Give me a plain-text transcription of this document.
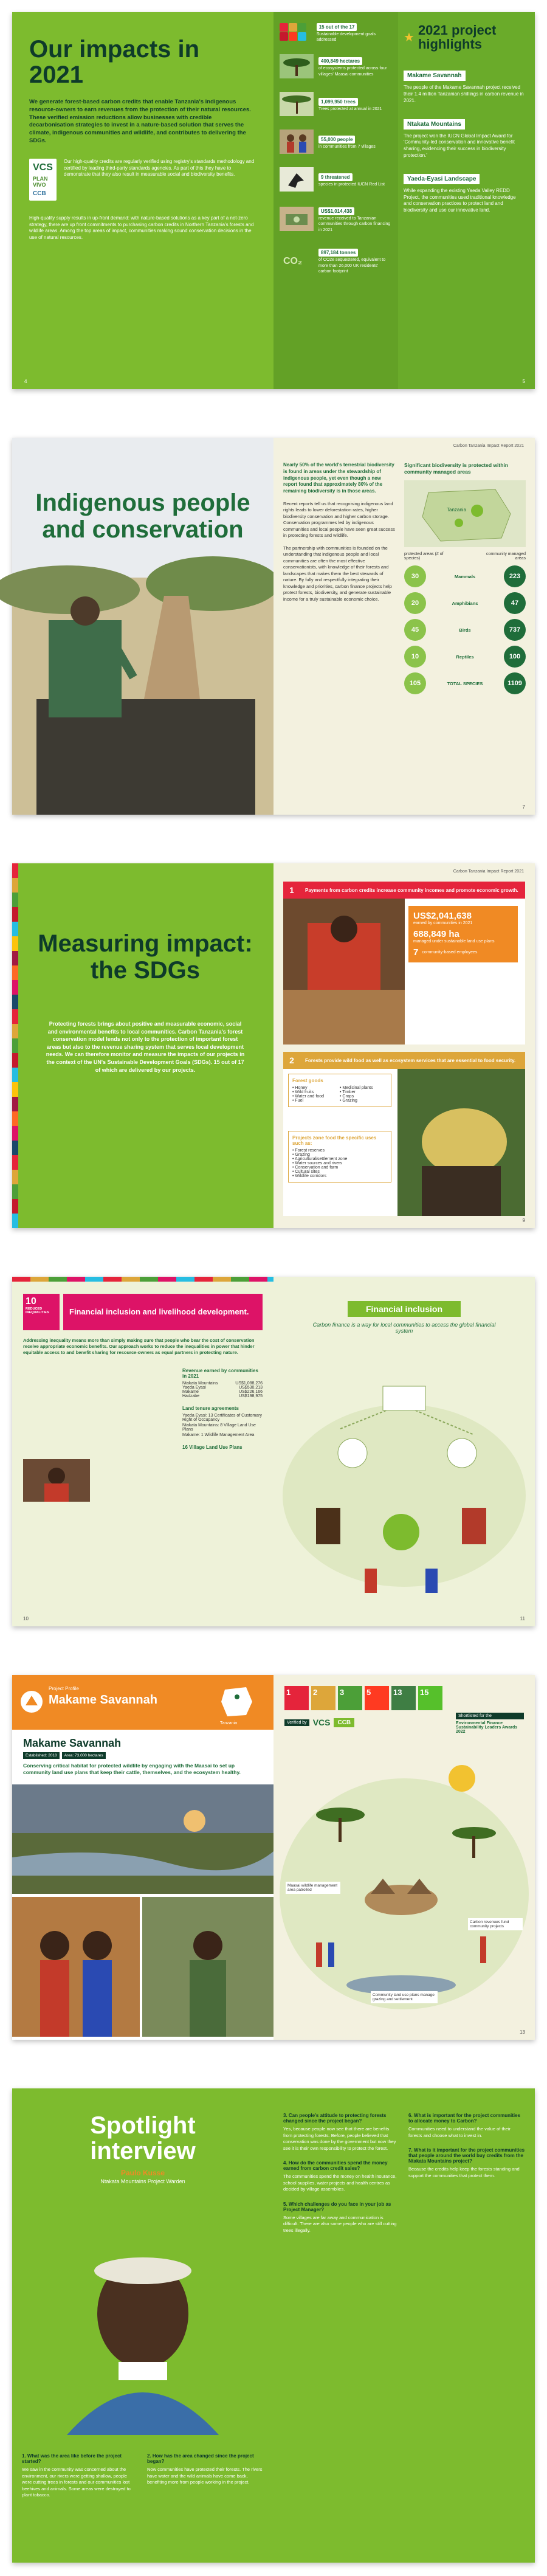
Our impacts in 2021
We generate forest-based carbon credits that enable Tanzania's indigenous resource-owners to earn revenues from the protection of their natural resources. These verified emission reductions allow businesses with credible decarbonisation strategies to invest in a nature-based solution that serves the climate, indigenous communities and wildlife, and contributes to delivering the SDGs.
VCS
PLAN VIVO
CCB
Our high-quality credits are regularly verified using registry's standards methodology and certified by leading third-party standards agencies. As part of this they have to demonstrate that they also result in measurable social and biodiversity benefits.
High-quality supply results in up-front demand: with nature-based solutions as a key part of a net-zero strategy, there are up front commitments to purchasing carbon credits in Northern Tanzania's forests and wildlife areas. Among the top areas of impact, communities making sound conservation decisions in the use of natural resources.
4
15 out of the 17
Sustainable development goals addressed
400,849 hectares
of ecosystems protected across four villages' Maasai communities
1,099,950 trees
Trees protected at annual in 2021
55,000 people
in communities from 7 villages
9 threatened
species in protected IUCN Red List
US$1,014,438
revenue received to Tanzanian communities through carbon financing in 2021
CO₂
897,184 tonnes
of CO2e sequestered, equivalent to more than 26,000 UK residents' carbon footprint
★ 2021 project highlights
Makame Savannah
The people of the Makame Savannah project received their 1.4 million Tanzanian shillings in carbon revenue in 2021.
Ntakata Mountains
The project won the IUCN Global Impact Award for 'Community-led conservation and innovative benefit sharing, evidencing their success in biodiversity protection.'
Yaeda-Eyasi Landscape
While expanding the existing Yaeda Valley REDD Project, the communities used traditional knowledge and conservation practices to protect land and biodiversity and use our innovative land.
5
Indigenous people and conservation
Carbon Tanzania Impact Report 2021
Nearly 50% of the world's terrestrial biodiversity is found in areas under the stewardship of indigenous people, yet even though a new report found that approximately 80% of the remaining biodiversity is in those areas.
Recent reports tell us that recognising indigenous land rights leads to lower deforestation rates, higher biodiversity conservation and higher carbon storage. Conservation programmes led by indigenous communities and local people have seen great success in protecting forests and wildlife.
The partnership with communities is founded on the understanding that indigenous people and local communities are often the most effective conservationists, with knowledge of their forests and landscapes that makes them the best stewards of nature. By fully and respectfully integrating their knowledge and priorities, carbon finance projects help protect forests, biodiversity, and generate sustainable income for a truly sustainable economic choice.
Significant biodiversity is protected within community managed areas
Tanzania
protected areas (# of species)
community managed areas
30	Mammals	223
20	Amphibians	47
45	Birds	737
10	Reptiles	100
105	TOTAL SPECIES	1109
7
Measuring impact: the SDGs
Protecting forests brings about positive and measurable economic, social and environmental benefits to local communities. Carbon Tanzania's forest conservation model lends not only to the protection of important forest areas but also to the revenue sharing system that serves local development needs. We can therefore monitor and measure the impacts of our projects in the context of the UN's Sustainable Development Goals (SDGs). 15 out of 17 of which are delivered by our projects.
Carbon Tanzania Impact Report 2021
1	Payments from carbon credits increase community incomes and promote economic growth.
US$2,041,638
earned by communities in 2021
688,849 ha
managed under sustainable land use plans
7 community-based employees
2	Forests provide wild food as well as ecosystem services that are essential to food security.
Forest goods
• Honey	• Medicinal plants
• Wild fruits	• Timber
• Water and food	• Crops
• Fuel	• Grazing
Projects zone food the specific uses such as:
• Forest reserves
• Grazing
• Agricultural/settlement zone
• Water sources and rivers
• Conservation and farm
• Cultural sites
• Wildlife corridors
9
10
REDUCED INEQUALITIES	Financial inclusion and livelihood development.
Addressing inequality means more than simply making sure that people who bear the cost of conservation receive appropriate economic benefits. Our approach works to reduce the inequalities in power that hinder equitable access to and benefit sharing for resource-owners as equal partners in protecting nature.
Revenue earned by communities in 2021
Ntakata Mountains	US$1,088,276
Yaeda Eyasi	US$530,213
Makame	US$226,166
Hadzabe	US$198,975
Land tenure agreements
Yaeda Eyasi: 13 Certificates of Customary Right of Occupancy
Ntakata Mountains: 8 Village Land Use Plans
Makame: 1 Wildlife Management Area
16 Village Land Use Plans
10
Financial inclusion
Carbon finance is a way for local communities to access the global financial system
11
Project Profile
Makame Savannah
Tanzania
Makame Savannah
Established: 2018	Area: 73,000 hectares
Conserving critical habitat for protected wildlife by engaging with the Maasai to set up community land use plans that keep their cattle, themselves, and the ecosystem healthy.
1	2	3	5	13	15
Verified by VCS	CCB
Shortlisted for the
Environmental Finance Sustainability Leaders Awards 2022
Maasai wildlife management area patrolled
Community land use plans manage grazing and settlement
Carbon revenues fund community projects
13
Spotlight interview
Paulo Kusse
Ntakata Mountains Project Warden
1. What was the area like before the project started?
We saw in the community was concerned about the environment, our rivers were getting shallow, people were cutting trees in forests and our communities lost beehives and animals. Some areas were destroyed to plant tobacco.
2. How has the area changed since the project began?
Now communities have protected their forests. The rivers have water and the wild animals have come back, benefiting more from people working in the project.
3. Can people's attitude to protecting forests changed since the project began?
Yes, because people now see that there are benefits from protecting forests. Before, people believed that conservation was done by the government but now they see it is their own responsibility to protect the forest.
4. How do the communities spend the money earned from carbon credit sales?
The communities spend the money on health insurance, school supplies, water projects and health centres as decided by village assemblies.
5. Which challenges do you face in your job as Project Manager?
Some villages are far away and communication is difficult. There are also some people who are still cutting trees illegally.
6. What is important for the project communities to allocate money to Carbon?
Communities need to understand the value of their forests and choose what to invest in.
7. What is it important for the project communities that people around the world buy credits from the Ntakata Mountains project?
Because the credits help keep the forests standing and support the communities that protect them.
